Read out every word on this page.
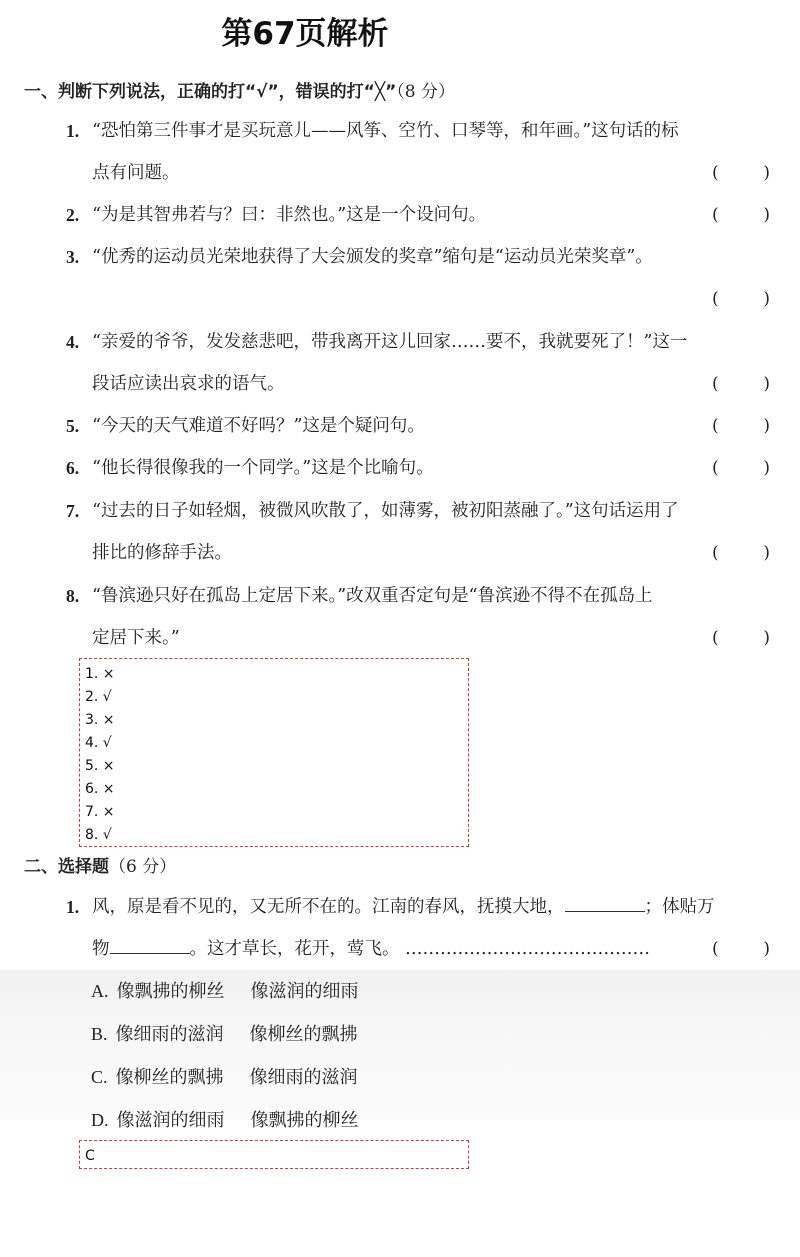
第67页解析
一、判断下列说法，正确的打“√”，错误的打“╳”（8 分）
1. “恐怕第三件事才是买玩意儿——风筝、空竹、口琴等，和年画。”这句话的标
点有问题。	(	)
2. “为是其智弗若与？曰：非然也。”这是一个设问句。	(	)
3. “优秀的运动员光荣地获得了大会颁发的奖章”缩句是“运动员光荣奖章”。

(	)
4. “亲爱的爷爷，发发慈悲吧，带我离开这儿回家……要不，我就要死了！”这一
段话应读出哀求的语气。	(	)
5. “今天的天气难道不好吗？”这是个疑问句。	(	)
6. “他长得很像我的一个同学。”这是个比喻句。	(	)
7. “过去的日子如轻烟，被微风吹散了，如薄雾，被初阳蒸融了。”这句话运用了
排比的修辞手法。	(	)
8. “鲁滨逊只好在孤岛上定居下来。”改双重否定句是“鲁滨逊不得不在孤岛上
定居下来。”	(	)
1. ×
2. √
3. ×
4. √
5. ×
6. ×
7. ×
8. √
二、选择题（6 分）
1. 风，原是看不见的，又无所不在的。江南的春风，抚摸大地，	；体贴万
物	。这才草长，花开，莺飞。 ……………………………………	(	)
A. 像飘拂的柳丝 像滋润的细雨
B. 像细雨的滋润 像柳丝的飘拂
C. 像柳丝的飘拂 像细雨的滋润
D. 像滋润的细雨 像飘拂的柳丝
C
